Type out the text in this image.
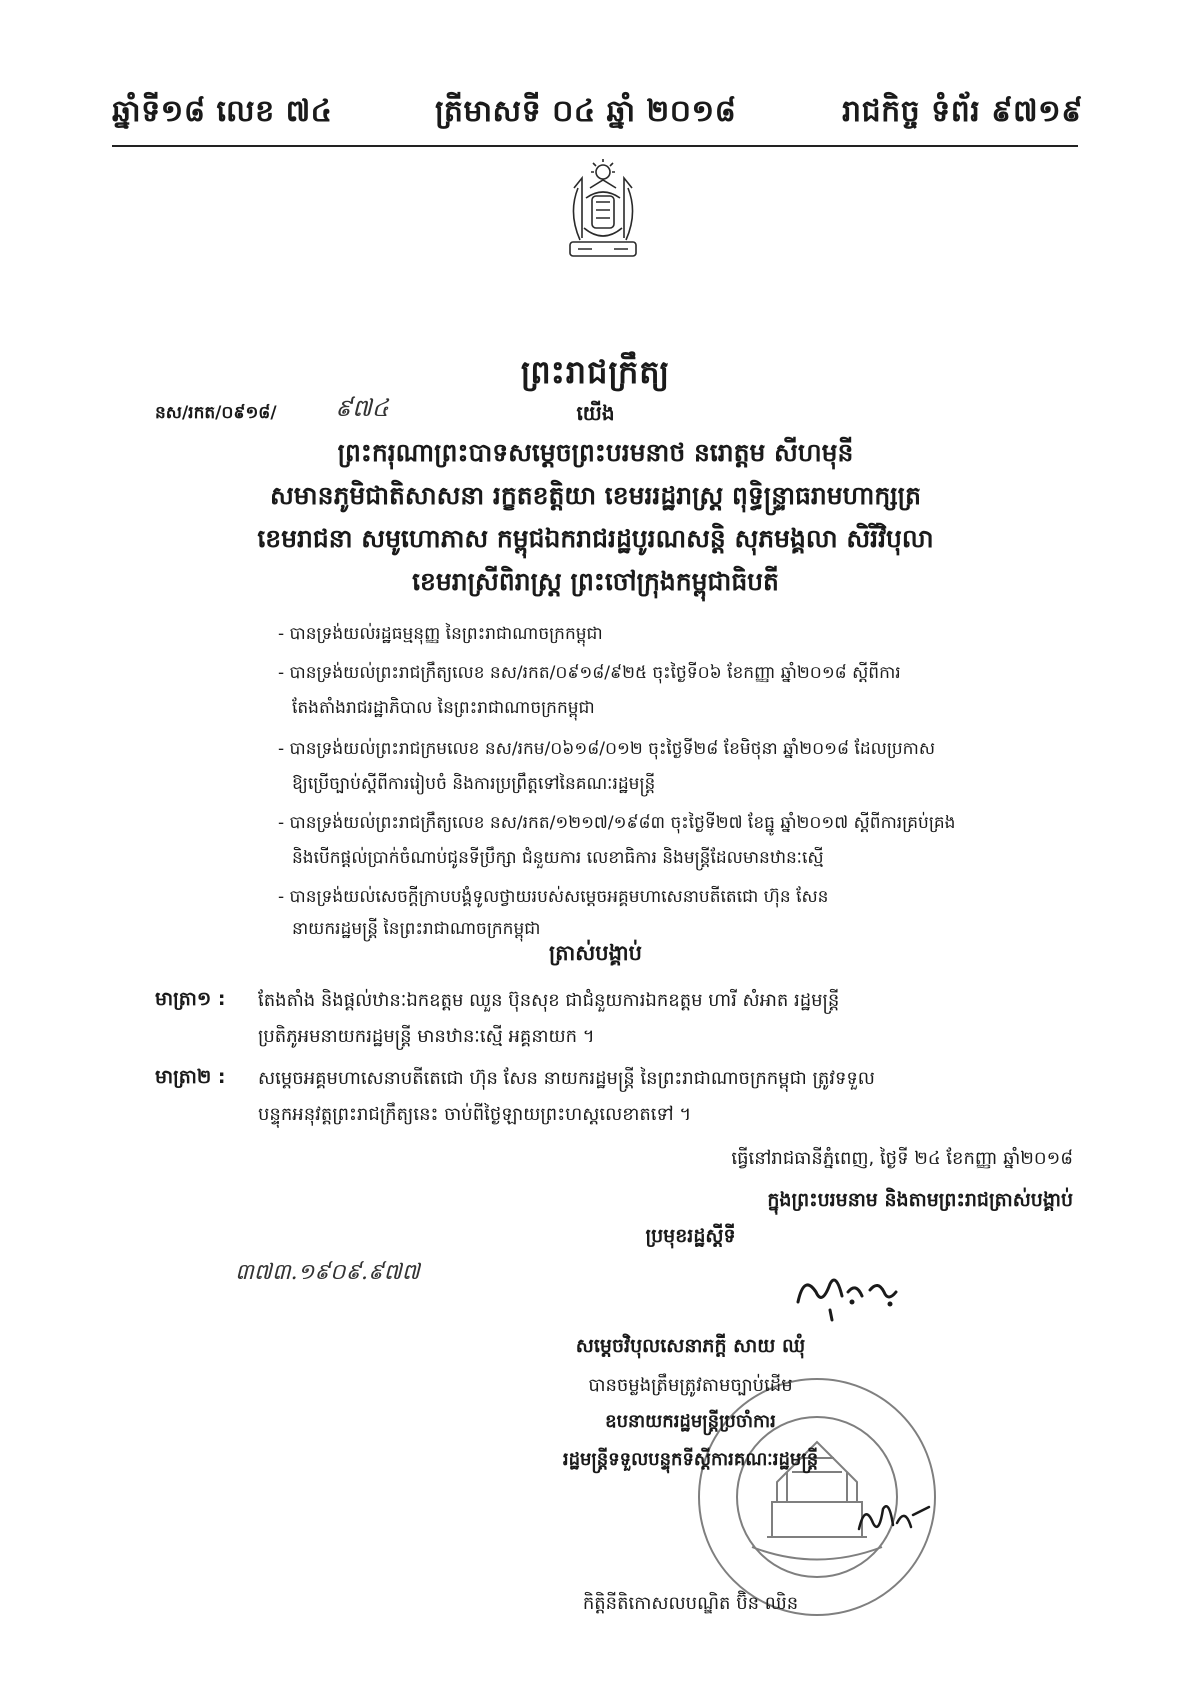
ឆ្នាំទី១៨ លេខ ៧៤	ត្រីមាសទី ០៤ ឆ្នាំ ២០១៨	រាជកិច្ច ទំព័រ ៩៧១៩
ព្រះរាជក្រឹត្យ
នស/រកត/០៩១៨/ ៩៧៤	យើង
ព្រះករុណាព្រះបាទសម្តេចព្រះបរមនាថ នរោត្តម សីហមុនី
សមានភូមិជាតិសាសនា រក្ខតខត្តិយា ខេមររដ្ឋរាស្ត្រ ពុទ្ធិន្ទ្រាធរាមហាក្សត្រ
ខេមរាជនា សមូហោភាស កម្ពុជឯករាជរដ្ឋបូរណសន្តិ សុភមង្គលា សិរីវិបុលា
ខេមរាស្រីពិរាស្ត្រ ព្រះចៅក្រុងកម្ពុជាធិបតី
- បានទ្រង់យល់រដ្ឋធម្មនុញ្ញ នៃព្រះរាជាណាចក្រកម្ពុជា
- បានទ្រង់យល់ព្រះរាជក្រឹត្យលេខ នស/រកត/០៩១៨/៩២៥ ចុះថ្ងៃទី០៦ ខែកញ្ញា ឆ្នាំ២០១៨ ស្តីពីការ
តែងតាំងរាជរដ្ឋាភិបាល នៃព្រះរាជាណាចក្រកម្ពុជា
- បានទ្រង់យល់ព្រះរាជក្រមលេខ នស/រកម/០៦១៨/០១២ ចុះថ្ងៃទី២៨ ខែមិថុនា ឆ្នាំ២០១៨ ដែលប្រកាស
ឱ្យប្រើច្បាប់ស្តីពីការរៀបចំ និងការប្រព្រឹត្តទៅនៃគណៈរដ្ឋមន្ត្រី
- បានទ្រង់យល់ព្រះរាជក្រឹត្យលេខ នស/រកត/១២១៧/១៩៨៣ ចុះថ្ងៃទី២៧ ខែធ្នូ ឆ្នាំ២០១៧ ស្តីពីការគ្រប់គ្រង
និងបើកផ្តល់ប្រាក់ចំណាប់ជូនទីប្រឹក្សា ជំនួយការ លេខាធិការ និងមន្ត្រីដែលមានឋានៈស្មើ
- បានទ្រង់យល់សេចក្តីក្រាបបង្គំទូលថ្វាយរបស់សម្តេចអគ្គមហាសេនាបតីតេជោ ហ៊ុន សែន
នាយករដ្ឋមន្ត្រី នៃព្រះរាជាណាចក្រកម្ពុជា
ត្រាស់បង្គាប់
មាត្រា១ : តែងតាំង និងផ្តល់ឋានៈឯកឧត្តម ឈួន ប៊ុនសុខ ជាជំនួយការឯកឧត្តម ហារី សំអាត រដ្ឋមន្ត្រី
ប្រតិភូអមនាយករដ្ឋមន្ត្រី មានឋានៈស្មើ អគ្គនាយក ។
មាត្រា២ : សម្តេចអគ្គមហាសេនាបតីតេជោ ហ៊ុន សែន នាយករដ្ឋមន្ត្រី នៃព្រះរាជាណាចក្រកម្ពុជា ត្រូវទទួល
បន្ទុកអនុវត្តព្រះរាជក្រឹត្យនេះ ចាប់ពីថ្ងៃឡាយព្រះហស្តលេខាតទៅ ។
ធ្វើនៅរាជធានីភ្នំពេញ, ថ្ងៃទី ២៤ ខែកញ្ញា ឆ្នាំ២០១៨
ក្នុងព្រះបរមនាម និងតាមព្រះរាជត្រាស់បង្គាប់
ប្រមុខរដ្ឋស្តីទី
៣៧៣.១៩០៩.៩៧៧
សម្តេចវិបុលសេនាភក្តី សាយ ឈុំ
បានចម្លងត្រឹមត្រូវតាមច្បាប់ដើម
ឧបនាយករដ្ឋមន្ត្រីប្រចាំការ
រដ្ឋមន្ត្រីទទួលបន្ទុកទីស្តីការគណៈរដ្ឋមន្ត្រី
កិត្តិនីតិកោសលបណ្ឌិត ប៊ិន ឈិន
